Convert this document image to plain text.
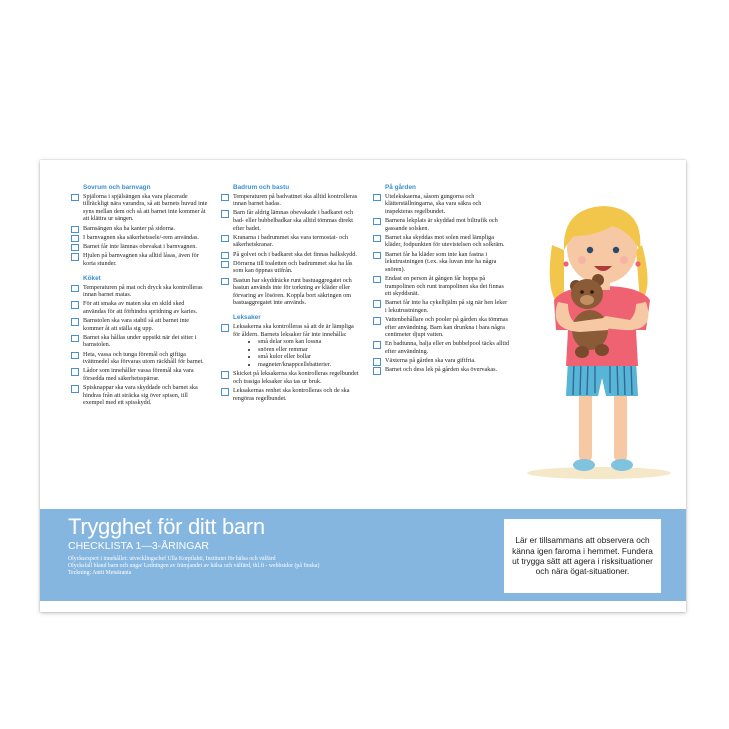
Sovrum och barnvagn
Spjälorna i spjälsängen ska vara placerade tillräckligt nära varandra, så att barnets huvud inte syns mellan dem och så att barnet inte kommer åt att klättra ur sängen.
Barnsängen ska ha kanter på sidorna.
I barnvagnen ska säkerhetssele/-rem användas.
Barnet får inte lämnas obevakat i barnvagnen.
Hjulen på barnvagnen ska alltid låsas, även för korta stunder.
Köket
Temperaturen på mat och dryck ska kontrolleras innan barnet matas.
För att smaka av maten ska en skild sked användas för att förhindra spridning av karies.
Barnstolen ska vara stabil så att barnet inte kommer åt att ställa sig upp.
Barnet ska hållas under uppsikt när det sitter i barnstolen.
Heta, vassa och tunga föremål och giftiga tvättmedel ska förvaras utom räckhåll för barnet.
Lådor som innehåller vassa föremål ska vara försedda med säkerhetsspärrar.
Spisknappar ska vara skyddade och barnet ska hindras från att sträcka sig över spisen, till exempel med ett spisskydd.
Badrum och bastu
Temperaturen på badvattnet ska alltid kontrolleras innan barnet badas.
Barn får aldrig lämnas obevakade i badkaret och bad- eller bubbelbadkar ska alltid tömmas direkt efter badet.
Kranarna i badrummet ska vara termostat- och säkerhetskranar.
På golvet och i badkaret ska det finnas halkskydd.
Dörrarna till toaletten och badrummet ska ha lås som kan öppnas utifrån.
Bastun har skyddräcke runt bastuaggregatet och bastun används inte för torkning av kläder eller förvaring av lösören. Koppla bort säkringen om bastuaggregatet inte används.
Leksaker
Leksakerna ska kontrolleras så att de är lämpliga för åldern. Barnets leksaker får inte innehålla:
• små delar som kan lossna
• snören eller remmar
• små kulor eller bollar
• magneter/knappcellsbatterier.
Skicket på leksakerna ska kontrolleras regelbundet och trasiga leksaker ska tas ur bruk.
Leksakernas renhet ska kontrolleras och de ska rengöras regelbundet.
På gården
Utelekskaerna, såsom gungorna och klätterställningarna, ska vara säkra och inspekteras regelbundet.
Barnens lekplats är skyddad mot biltrafik och gassande solsken.
Barnet ska skyddas mot solen med lämpliga kläder, fodpunkten för utevistelsen och solkräm.
Barnet får ha kläder som inte kan fastna i lekutrustningen (t.ex. ska luvan inte ha några snören).
Endast en person åt gången får hoppa på trampolinen och runt trampolinen ska det finnas ett skyddsnät.
Barnet får inte ha cykelhjälm på sig när hen leker i lekutrustningen.
Vattenbehållare och pooler på gården ska tömmas efter användning. Barn kan drunkna i bara några centimeter djupt vatten.
En badtunna, balja eller en bubbelpool täcks alltid efter användning.
Växterna på gården ska vara giftfria.
Barnet och dess lek på gården ska övervakas.
Trygghet för ditt barn
CHECKLISTA 1—3-ÅRINGAR
Olycksexpert i innehållet: utvecklingschef Ulla Korpilahti, Institutet för hälsa och välfärd
Olycksfall bland barn och unga/ Ledningen av främjandet av hälsa och välfärd, thl.fi - webbsidor (på finska)
Teckning: Antti Metsäranta
Lär er tillsammans att observera och känna igen faroma i hemmet. Fundera ut trygga sätt att agera i risksituationer och nära ögat-situationer.
